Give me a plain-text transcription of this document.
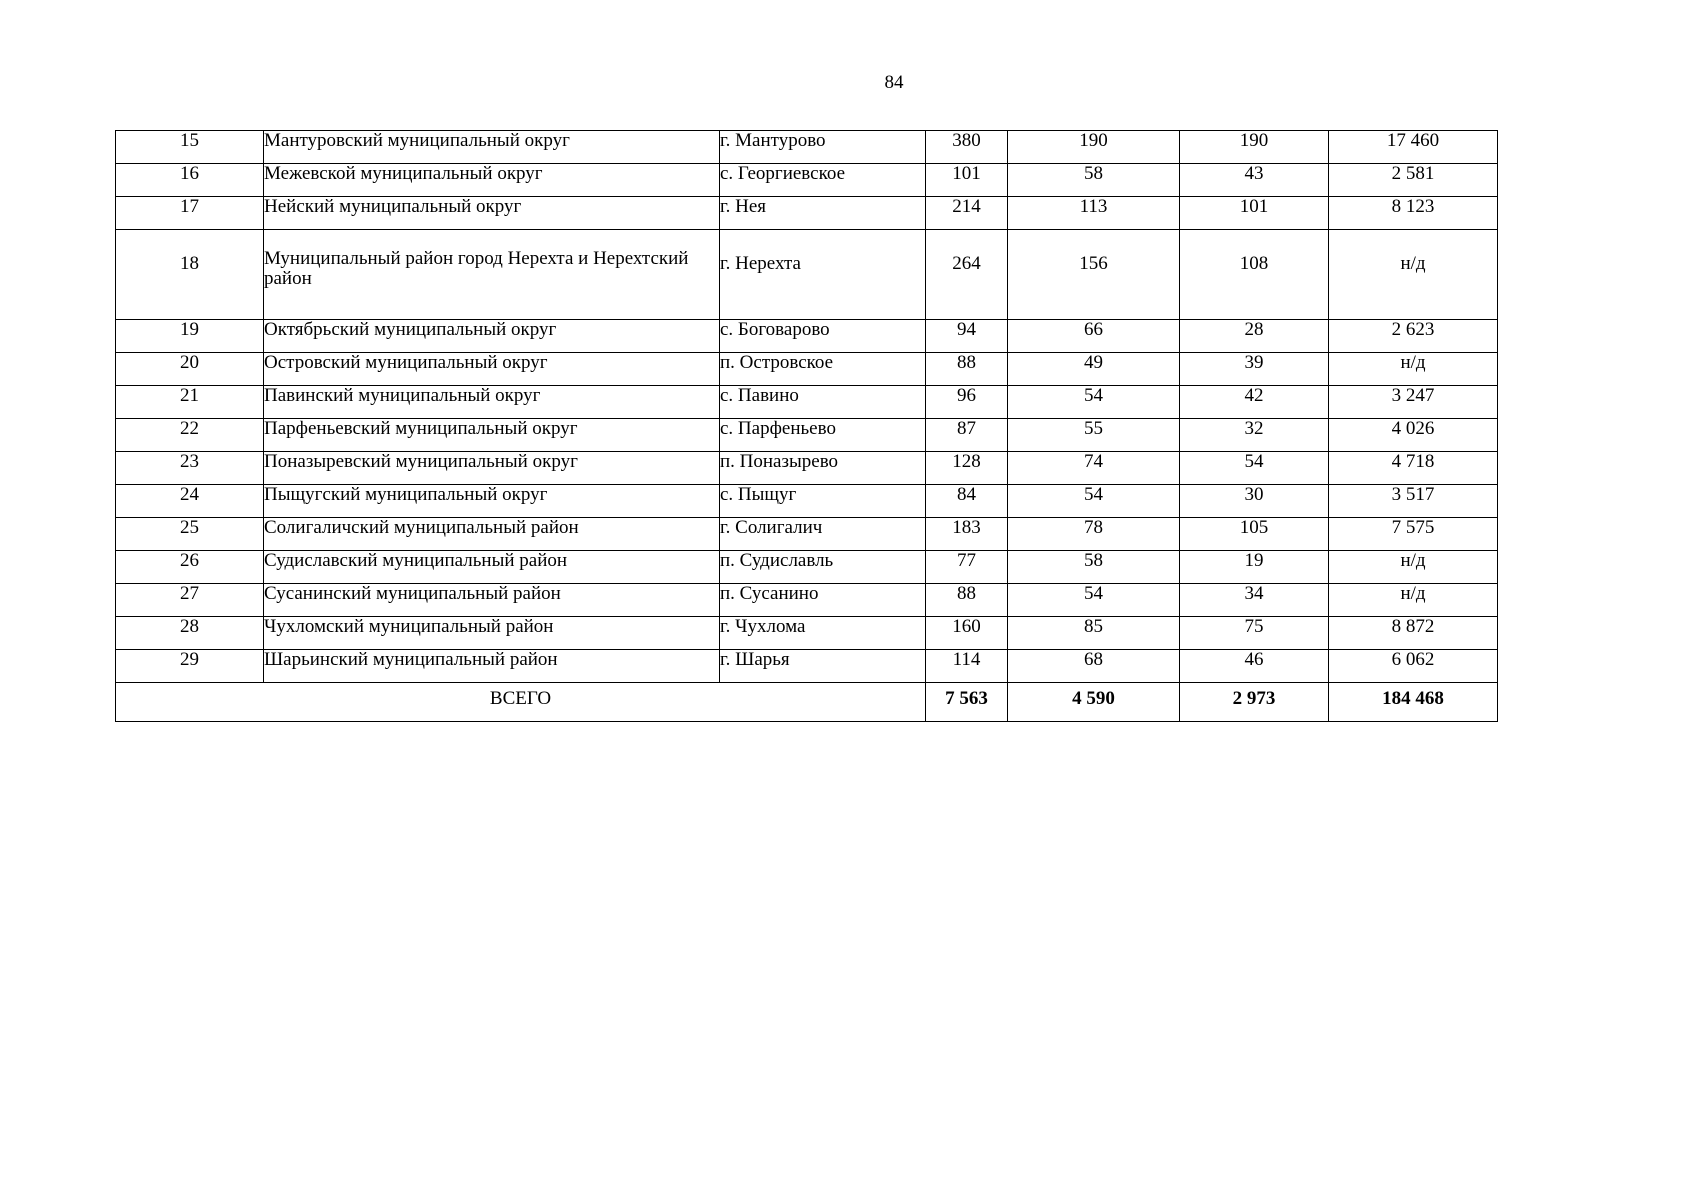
84
15	Мантуровский муниципальный округ	г. Мантурово	380	190	190	17 460
16	Межевской муниципальный округ	с. Георгиевское	101	58	43	2 581
17	Нейский муниципальный округ	г. Нея	214	113	101	8 123
18	Муниципальный район город Нерехта и Нерехтский район	г. Нерехта	264	156	108	н/д
19	Октябрьский муниципальный округ	с. Боговарово	94	66	28	2 623
20	Островский муниципальный округ	п. Островское	88	49	39	н/д
21	Павинский муниципальный округ	с. Павино	96	54	42	3 247
22	Парфеньевский муниципальный округ	с. Парфеньево	87	55	32	4 026
23	Поназыревский муниципальный округ	п. Поназырево	128	74	54	4 718
24	Пыщугский муниципальный округ	с. Пыщуг	84	54	30	3 517
25	Солигаличский муниципальный район	г. Солигалич	183	78	105	7 575
26	Судиславский муниципальный район	п. Судиславль	77	58	19	н/д
27	Сусанинский муниципальный район	п. Сусанино	88	54	34	н/д
28	Чухломский муниципальный район	г. Чухлома	160	85	75	8 872
29	Шарьинский муниципальный район	г. Шарья	114	68	46	6 062
ВСЕГО			7 563	4 590	2 973	184 468
